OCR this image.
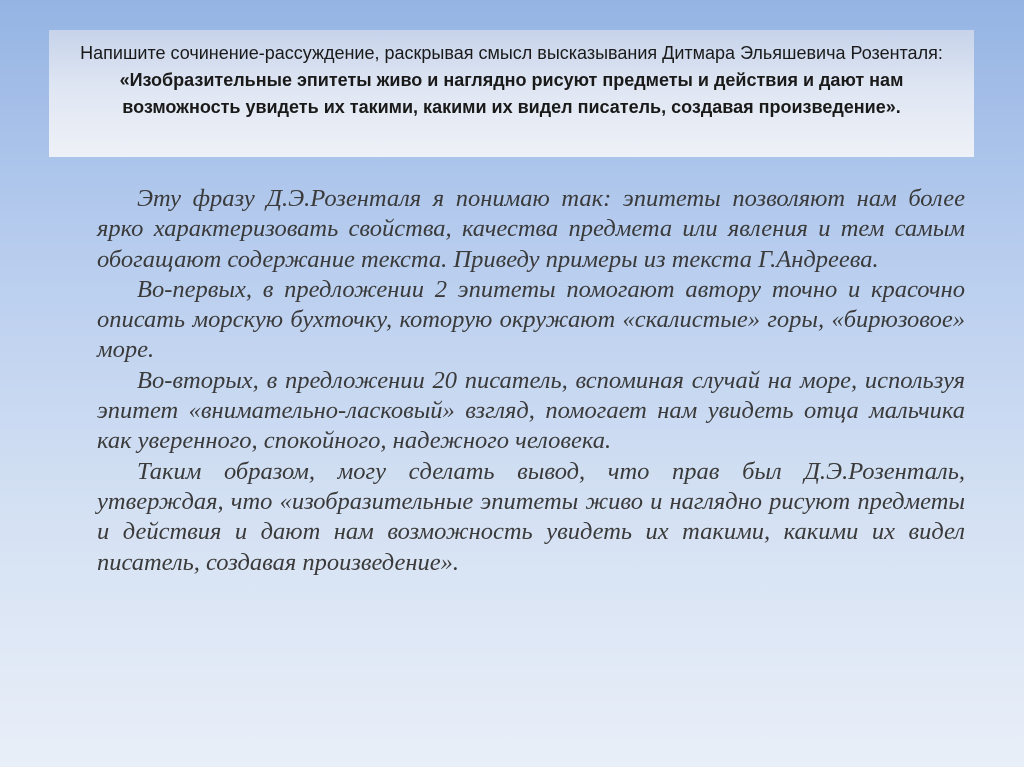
Напишите сочинение-рассуждение, раскрывая смысл высказывания Дитмара Эльяшевича Розенталя: «Изобразительные эпитеты живо и наглядно рисуют предметы и действия и дают нам возможность увидеть их такими, какими их видел писатель, создавая произведение».

Эту фразу Д.Э.Розенталя я понимаю так: эпитеты позволяют нам более ярко характеризовать свойства, качества предмета или явления и тем самым обогащают содержание текста. Приведу примеры из текста Г.Андреева.

Во-первых, в предложении 2 эпитеты помогают автору точно и красочно описать морскую бухточку, которую окружают «скалистые» горы, «бирюзовое» море.

Во-вторых, в предложении 20 писатель, вспоминая случай на море, используя эпитет «внимательно-ласковый» взгляд, помогает нам увидеть отца мальчика как уверенного, спокойного, надежного человека.

Таким образом, могу сделать вывод, что прав был Д.Э.Розенталь, утверждая, что «изобразительные эпитеты живо и наглядно рисуют предметы и действия и дают нам возможность увидеть их такими, какими их видел писатель, создавая произведение».
